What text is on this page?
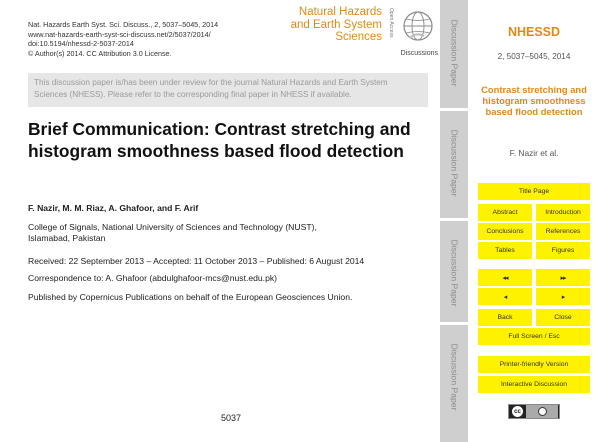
Nat. Hazards Earth Syst. Sci. Discuss., 2, 5037–5045, 2014
www.nat-hazards-earth-syst-sci-discuss.net/2/5037/2014/
doi:10.5194/nhessd-2-5037-2014
© Author(s) 2014. CC Attribution 3.0 License.
Natural Hazards
and Earth System
Sciences Open Access
Discussions
This discussion paper is/has been under review for the journal Natural Hazards and Earth System Sciences (NHESS). Please refer to the corresponding final paper in NHESS if available.
Brief Communication: Contrast stretching and histogram smoothness based flood detection
F. Nazir, M. M. Riaz, A. Ghafoor, and F. Arif
College of Signals, National University of Sciences and Technology (NUST),
Islamabad, Pakistan
Received: 22 September 2013 – Accepted: 11 October 2013 – Published: 6 August 2014
Correspondence to: A. Ghafoor (abdulghafoor-mcs@nust.edu.pk)
Published by Copernicus Publications on behalf of the European Geosciences Union.
5037
Discussion Paper
Discussion Paper
Discussion Paper
Discussion Paper
NHESSD
2, 5037–5045, 2014
Contrast stretching and histogram smoothness based flood detection
F. Nazir et al.
Title Page
Abstract	Introduction
Conclusions	References
Tables	Figures
◂◂	▸▸
◂	▸
Back	Close
Full Screen / Esc
Printer-friendly Version
Interactive Discussion
cc
